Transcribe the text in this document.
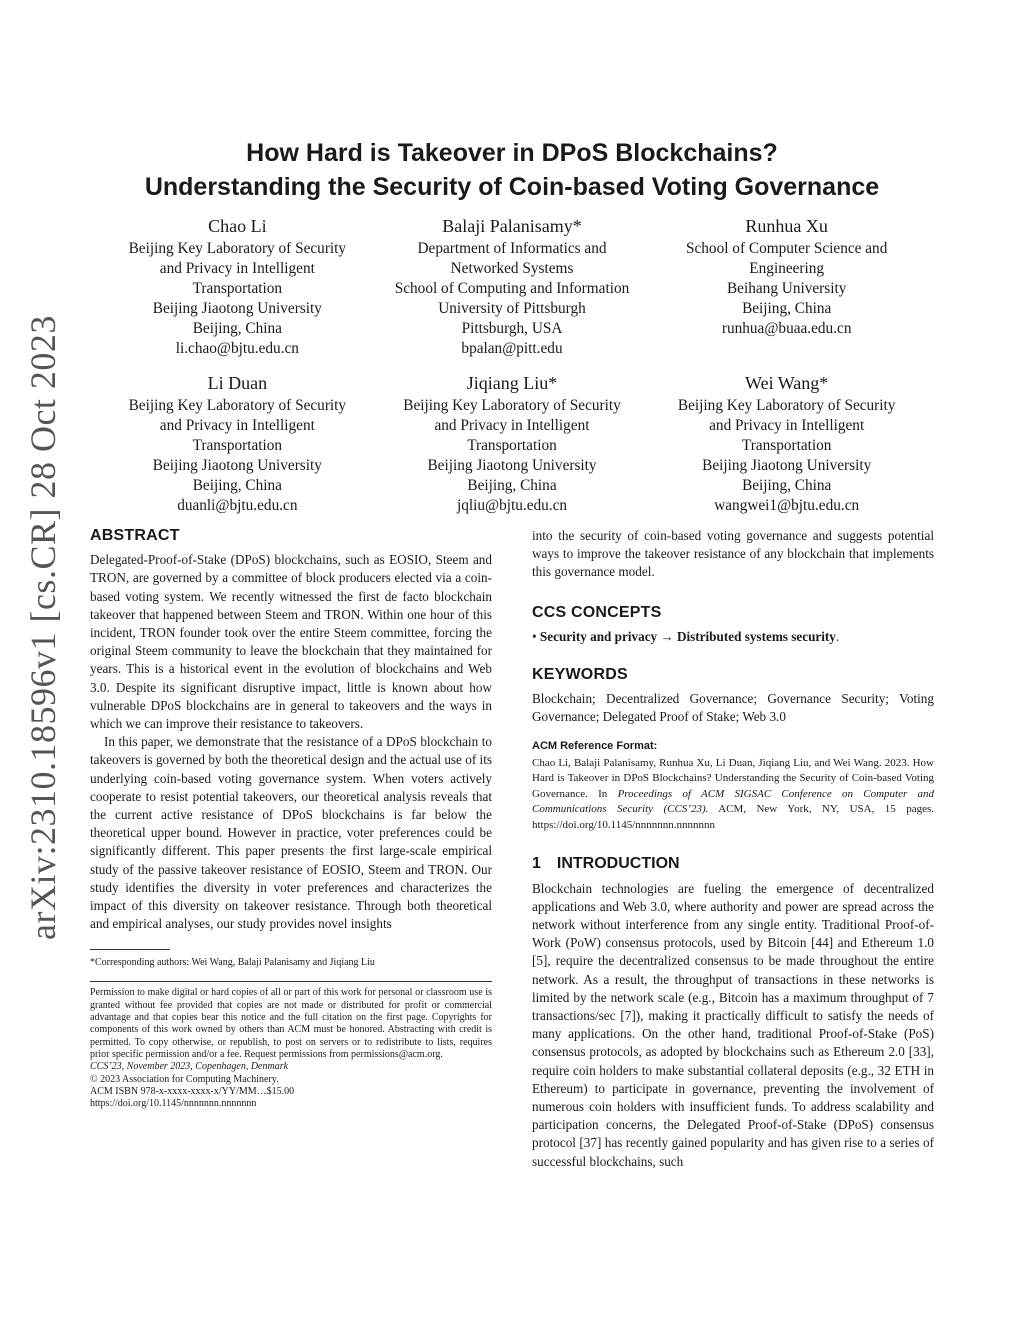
arXiv:2310.18596v1 [cs.CR] 28 Oct 2023
How Hard is Takeover in DPoS Blockchains?
Understanding the Security of Coin-based Voting Governance
Chao Li
Beijing Key Laboratory of Security
and Privacy in Intelligent
Transportation
Beijing Jiaotong University
Beijing, China
li.chao@bjtu.edu.cn
Balaji Palanisamy*
Department of Informatics and
Networked Systems
School of Computing and Information
University of Pittsburgh
Pittsburgh, USA
bpalan@pitt.edu
Runhua Xu
School of Computer Science and
Engineering
Beihang University
Beijing, China
runhua@buaa.edu.cn
Li Duan
Beijing Key Laboratory of Security
and Privacy in Intelligent
Transportation
Beijing Jiaotong University
Beijing, China
duanli@bjtu.edu.cn
Jiqiang Liu*
Beijing Key Laboratory of Security
and Privacy in Intelligent
Transportation
Beijing Jiaotong University
Beijing, China
jqliu@bjtu.edu.cn
Wei Wang*
Beijing Key Laboratory of Security
and Privacy in Intelligent
Transportation
Beijing Jiaotong University
Beijing, China
wangwei1@bjtu.edu.cn
ABSTRACT

Delegated-Proof-of-Stake (DPoS) blockchains, such as EOSIO, Steem and TRON, are governed by a committee of block producers elected via a coin-based voting system. We recently witnessed the first de facto blockchain takeover that happened between Steem and TRON. Within one hour of this incident, TRON founder took over the entire Steem committee, forcing the original Steem community to leave the blockchain that they maintained for years. This is a historical event in the evolution of blockchains and Web 3.0. Despite its significant disruptive impact, little is known about how vulnerable DPoS blockchains are in general to takeovers and the ways in which we can improve their resistance to takeovers.

In this paper, we demonstrate that the resistance of a DPoS blockchain to takeovers is governed by both the theoretical design and the actual use of its underlying coin-based voting governance system. When voters actively cooperate to resist potential takeovers, our theoretical analysis reveals that the current active resistance of DPoS blockchains is far below the theoretical upper bound. However in practice, voter preferences could be significantly different. This paper presents the first large-scale empirical study of the passive takeover resistance of EOSIO, Steem and TRON. Our study identifies the diversity in voter preferences and characterizes the impact of this diversity on takeover resistance. Through both theoretical and empirical analyses, our study provides novel insights

*Corresponding authors: Wei Wang, Balaji Palanisamy and Jiqiang Liu
Permission to make digital or hard copies of all or part of this work for personal or classroom use is granted without fee provided that copies are not made or distributed for profit or commercial advantage and that copies bear this notice and the full citation on the first page. Copyrights for components of this work owned by others than ACM must be honored. Abstracting with credit is permitted. To copy otherwise, or republish, to post on servers or to redistribute to lists, requires prior specific permission and/or a fee. Request permissions from permissions@acm.org.
CCS’23, November 2023, Copenhagen, Denmark
© 2023 Association for Computing Machinery.
ACM ISBN 978-x-xxxx-xxxx-x/YY/MM…$15.00
https://doi.org/10.1145/nnnnnnn.nnnnnnn

into the security of coin-based voting governance and suggests potential ways to improve the takeover resistance of any blockchain that implements this governance model.

CCS CONCEPTS
• Security and privacy → Distributed systems security.
KEYWORDS

Blockchain; Decentralized Governance; Governance Security; Voting Governance; Delegated Proof of Stake; Web 3.0

ACM Reference Format:

Chao Li, Balaji Palanisamy, Runhua Xu, Li Duan, Jiqiang Liu, and Wei Wang. 2023. How Hard is Takeover in DPoS Blockchains? Understanding the Security of Coin-based Voting Governance. In Proceedings of ACM SIGSAC Conference on Computer and Communications Security (CCS’23). ACM, New York, NY, USA, 15 pages. https://doi.org/10.1145/nnnnnnn.nnnnnnn

1 INTRODUCTION

Blockchain technologies are fueling the emergence of decentralized applications and Web 3.0, where authority and power are spread across the network without interference from any single entity. Traditional Proof-of-Work (PoW) consensus protocols, used by Bitcoin [44] and Ethereum 1.0 [5], require the decentralized consensus to be made throughout the entire network. As a result, the throughput of transactions in these networks is limited by the network scale (e.g., Bitcoin has a maximum throughput of 7 transactions/sec [7]), making it practically difficult to satisfy the needs of many applications. On the other hand, traditional Proof-of-Stake (PoS) consensus protocols, as adopted by blockchains such as Ethereum 2.0 [33], require coin holders to make substantial collateral deposits (e.g., 32 ETH in Ethereum) to participate in governance, preventing the involvement of numerous coin holders with insufficient funds. To address scalability and participation concerns, the Delegated Proof-of-Stake (DPoS) consensus protocol [37] has recently gained popularity and has given rise to a series of successful blockchains, such
